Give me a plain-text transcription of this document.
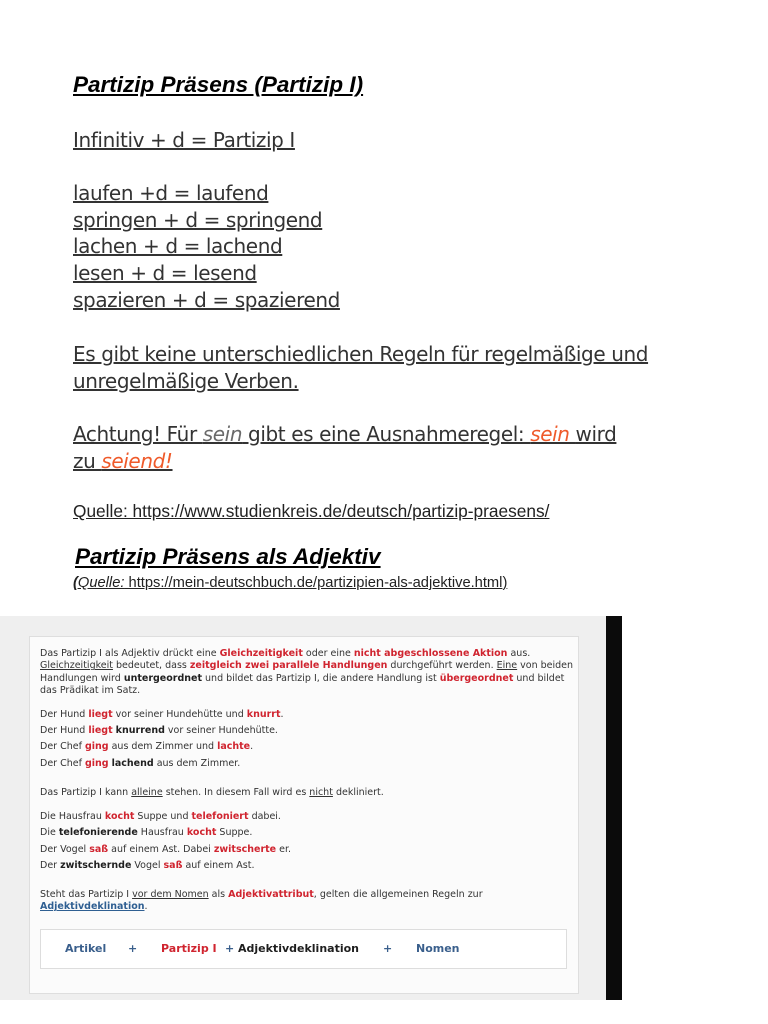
Partizip Präsens (Partizip I)
Infinitiv + d = Partizip I
laufen +d = laufend
springen + d = springend
lachen + d = lachend
lesen + d = lesend
spazieren + d = spazierend
Es gibt keine unterschiedlichen Regeln für regelmäßige und
unregelmäßige Verben.
Achtung! Für sein gibt es eine Ausnahmeregel: sein wird
zu seiend!
Quelle: https://www.studienkreis.de/deutsch/partizip-praesens/
Partizip Präsens als Adjektiv
(Quelle: https://mein-deutschbuch.de/partizipien-als-adjektive.html)

Das Partizip I als Adjektiv drückt eine Gleichzeitigkeit oder eine nicht abgeschlossene Aktion aus.

Gleichzeitigkeit bedeutet, dass zeitgleich zwei parallele Handlungen durchgeführt werden. Eine von beiden

Handlungen wird untergeordnet und bildet das Partizip I, die andere Handlung ist übergeordnet und bildet

das Prädikat im Satz.

Der Hund liegt vor seiner Hundehütte und knurrt.

Der Hund liegt knurrend vor seiner Hundehütte.

Der Chef ging aus dem Zimmer und lachte.

Der Chef ging lachend aus dem Zimmer.

Das Partizip I kann alleine stehen. In diesem Fall wird es nicht dekliniert.

Die Hausfrau kocht Suppe und telefoniert dabei.

Die telefonierende Hausfrau kocht Suppe.

Der Vogel saß auf einem Ast. Dabei zwitscherte er.

Der zwitschernde Vogel saß auf einem Ast.

Steht das Partizip I vor dem Nomen als Adjektivattribut, gelten die allgemeinen Regeln zur

Adjektivdeklination.

Artikel + Partizip I + Adjektivdeklination + Nomen
